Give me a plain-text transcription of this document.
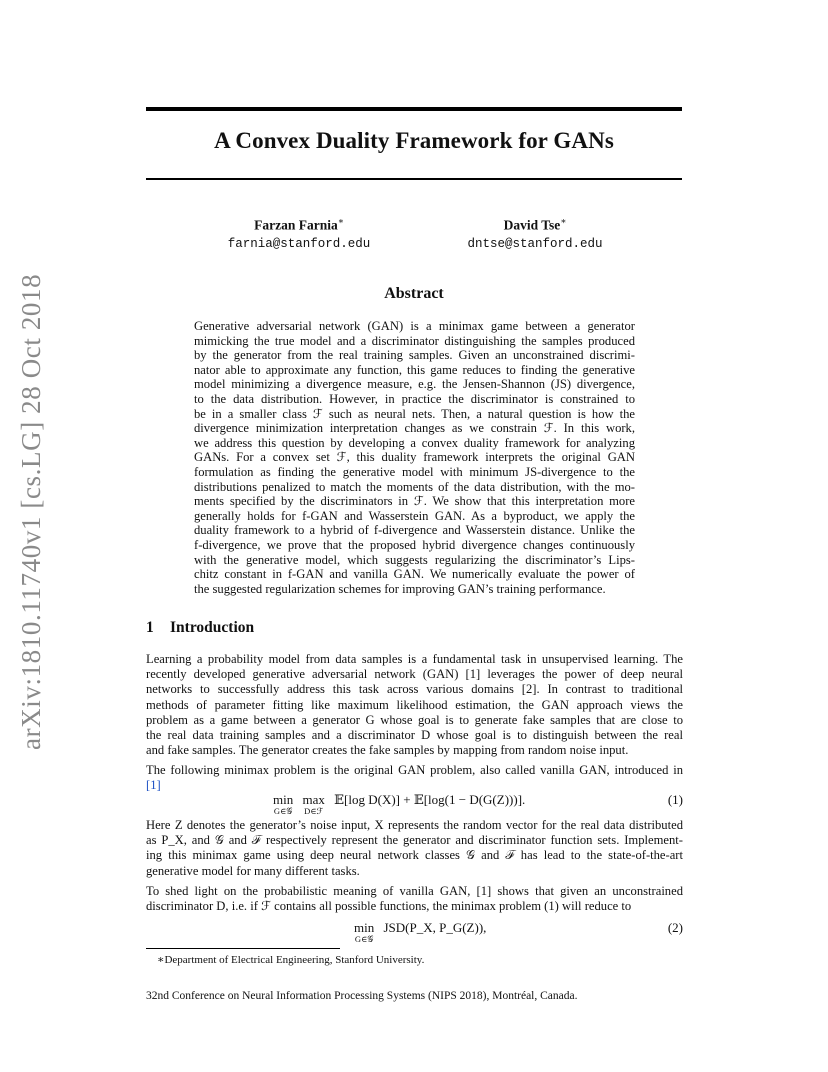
arXiv:1810.11740v1 [cs.LG] 28 Oct 2018
A Convex Duality Framework for GANs
Farzan Farnia∗
farnia@stanford.edu
David Tse∗
dntse@stanford.edu
Abstract
Generative adversarial network (GAN) is a minimax game between a generator
mimicking the true model and a discriminator distinguishing the samples produced
by the generator from the real training samples. Given an unconstrained discrimi-
nator able to approximate any function, this game reduces to finding the generative
model minimizing a divergence measure, e.g. the Jensen-Shannon (JS) divergence,
to the data distribution. However, in practice the discriminator is constrained to
be in a smaller class ℱ such as neural nets. Then, a natural question is how the
divergence minimization interpretation changes as we constrain ℱ. In this work,
we address this question by developing a convex duality framework for analyzing
GANs. For a convex set ℱ, this duality framework interprets the original GAN
formulation as finding the generative model with minimum JS-divergence to the
distributions penalized to match the moments of the data distribution, with the mo-
ments specified by the discriminators in ℱ. We show that this interpretation more
generally holds for f-GAN and Wasserstein GAN. As a byproduct, we apply the
duality framework to a hybrid of f-divergence and Wasserstein distance. Unlike the
f-divergence, we prove that the proposed hybrid divergence changes continuously
with the generative model, which suggests regularizing the discriminator’s Lips-
chitz constant in f-GAN and vanilla GAN. We numerically evaluate the power of
the suggested regularization schemes for improving GAN’s training performance.
1 Introduction
Learning a probability model from data samples is a fundamental task in unsupervised learning. The
recently developed generative adversarial network (GAN) [1] leverages the power of deep neural
networks to successfully address this task across various domains [2]. In contrast to traditional
methods of parameter fitting like maximum likelihood estimation, the GAN approach views the
problem as a game between a generator G whose goal is to generate fake samples that are close to
the real data training samples and a discriminator D whose goal is to distinguish between the real
and fake samples. The generator creates the fake samples by mapping from random noise input.
The following minimax problem is the original GAN problem, also called vanilla GAN, introduced in
[1]
min
G∈𝒢
max
D∈ℱ
𝔼[log D(X)] + 𝔼[log(1 − D(G(Z)))].	(1)
Here Z denotes the generator’s noise input, X represents the random vector for the real data distributed
as P_X, and 𝒢 and ℱ respectively represent the generator and discriminator function sets. Implement-
ing this minimax game using deep neural network classes 𝒢 and ℱ has lead to the state-of-the-art
generative model for many different tasks.
To shed light on the probabilistic meaning of vanilla GAN, [1] shows that given an unconstrained
discriminator D, i.e. if ℱ contains all possible functions, the minimax problem (1) will reduce to
min
G∈𝒢
JSD(P_X, P_G(Z)),	(2)
∗Department of Electrical Engineering, Stanford University.
32nd Conference on Neural Information Processing Systems (NIPS 2018), Montréal, Canada.
